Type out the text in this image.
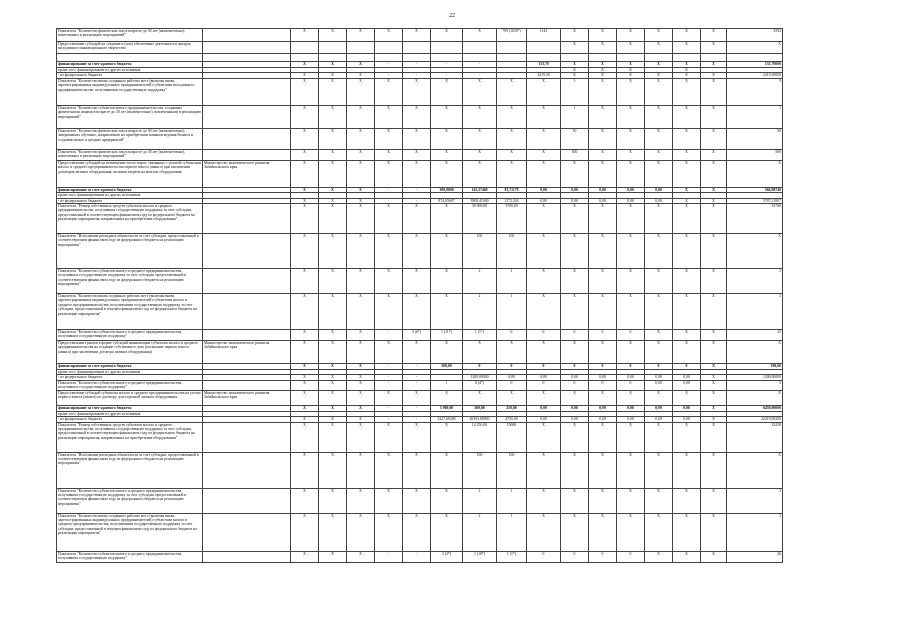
22
Показатель "Количество физических лиц в возрасте до 30 лет (включительно), вовлеченных в реализацию мероприятий"		X	X	X	X	X	X	X	799 (1650*)	1143	X	X	X	X	X	X	3592
Предоставление субсидий на создание и (или) обеспечение деятельности центров молодежного инновационного творчества											X	X	X	X	X	X	X

финансирование за счет краевого бюджета		X	X	X	-	-	-	-		133,70	X	X	X	X	X	X	133,70000
кроме того, финансирование из других источников											X	X	X		X		
- из федерального бюджета		X	X	X	-	-	-	-		2419,30	X	X	X	X	X	X	2419,30000
Показатель "Количество вновь созданных рабочих мест (включая вновь зарегистрированных индивидуальных предпринимателей) субъектами молодежного предпринимательства, получившими государственную поддержку"		X	X	X	X	X	X	X	X	X	3	X	X	X	X	X	3
Показатель "Количество субъектов малого предпринимательства, созданных физическими лицами в возрасте до 30 лет (включительно), вовлеченными в реализацию мероприятий"		X	X	X	X	X	X	X	X	X	1	X	X	X	X	X	1
Показатель "Количество физических лиц в возрасте до 30 лет (включительно), завершивших обучение, направленное на приобретение навыков ведения бизнеса и создания малых и средних предприятий"		X	X	X	X	X	X	X	X	X	50	X	X	X	X	X	50
Показатель "Количество физических лиц в возрасте до 30 лет (включительно), вовлеченных в реализацию мероприятий"		X	X	X	X	X	X	X	X	X	500	X	X	X	X	X	500
Предоставление субсидий на возмещение части затрат, связанных с уплатой субъектами малого и среднего предпринимательства первого взноса (аванса) при заключении договоров лизинга оборудования, включая затраты на монтаж оборудования	Министерство экономического развития Забайкальского края	X	X	X	X	X	X	X	X	X	X	X	X	X	X	X	X
финансирование за счет краевого бюджета		X	X	X	-	-	300,0000	145,27469	81,71179	0,00	0,00	0,00	0,00	0,00	X	X	566,98748
кроме того, финансирование из других источников																	
- из федерального бюджета		X	X	X	-	-	874,05607	3908,41900	1172,543	0,00	0,00	0,00	0,00	0,00	X	X	5787,21807
Показатель "Размер собственных средств субъектов малого и среднего предпринимательства, получивших государственную поддержку за счет субсидии, предоставленной в соответствующем финансовом году из федерального бюджета на реализацию мероприятия, направленных на приобретение оборудования"		X	X	X	X	X	X	30 000,00	5700,00	X	X	X	X	X	X	X	35700
Показатель "Исполнение расходных обязательств за счет субсидии, предоставленной в соответствующем финансовом году из федерального бюджета на реализацию мероприятия"		X	X	X	X	X	X	100	100	X	X	X	X	X	X	X	X
Показатель "Количество субъектов малого и среднего предпринимательства, получивших государственную поддержку за счет субсидии, предоставленной в соответствующем финансовом году из федерального бюджета на реализацию мероприятия"		X	X	X	X	X	X	2	1	X	X	X	X	X	X	X	3
Показатель "Количество вновь созданных рабочих мест (включая вновь зарегистрированных индивидуальных предпринимателей) субъектами малого и среднего предпринимательства, получившими государственную поддержку за счет субсидии, предоставленной в текущем финансовом году из федерального бюджета на реализацию мероприятия"		X	X	X	X	X	X	2	1	X	X	X	X	X	X	X	3
Показатель "Количество субъектов малого и среднего предпринимательства, получивших государственную поддержку"		X	X	X	-	3 (6*)	1 (11*)	1 (1*)	0	0	0	0	0	X	X	X	23
Предоставление грантов в форме субсидий начинающим субъектам малого и среднего предпринимательства на создание собственного дела (погашение первого взноса (аванса) при заключении договора лизинга оборудования)	Министерство экономического развития Забайкальского края	X	X	X	X	X	X	X	X	X	X	X	X	X	X	X	X
финансирование за счет краевого бюджета		X	X	X	-	-	300,00	0	0	0	0	0	0	0	0	X	300,00
кроме того, финансирование из других источников																	
- из федерального бюджета		X	X	X	-	-		1200,00000	0,00	0,00	0,00	0,00	0,00	0,00	0,00	X	1200,00000
Показатель "Количество субъектов малого и среднего предпринимательства, получивших государственную поддержку"		X	X	X	-	-	1	0 (4*)	0	0	0	0	0	0,00	0,00	X	5
Предоставление субсидий субъектам малого и среднего предпринимательства на уплату первого взноса (аванса) по договору долгосрочной лизинга оборудования	Министерство экономического развития Забайкальского края	X	X	X	X	X	X	X	X	X	X	X	X	X	X	X	X
финансирование за счет краевого бюджета		X	X	X	-	-	5 900,00	300,00	250,00	0,00	0,00	0,00	0,00	0,00	0,00	X	6450,00000
кроме того, финансирование из других источников																	
- из федерального бюджета		X	X	X	-	-	2227,69280	26593,80000	4750,00	0,00	0,00	0,00	0,00	0,00	0,00	X	42219,99280
Показатель "Размер собственных средств субъектов малого и среднего предпринимательства, получивших государственную поддержку за счет субсидии, предоставленной в соответствующем финансовом году из федерального бюджета на реализацию мероприятия, направленных на приобретение оборудования"		X	X	X	X	X	X	14 250,00	19000	X	X	X	X	X	X	X	33250
Показатель "Исполнение расходных обязательств за счет субсидии, предоставленной в соответствующем финансовом году из федерального бюджета на реализацию мероприятия"		X	X	X	X	X	X	100	100	X	X	X	X	X	X	X	X
Показатель "Количество субъектов малого и среднего предпринимательства, получивших государственную поддержку за счет субсидии, предоставленной в соответствующем финансовом году из федерального бюджета на реализацию мероприятия"		X	X	X	X	X	X	2	1	X	X	X	X	X	X	X	3
Показатель "Количество вновь созданных рабочих мест (включая вновь зарегистрированных индивидуальных предпринимателей) субъектами малого и среднего предпринимательства, получившими государственную поддержку за счет субсидии, предоставленной в текущем финансовом году из федерального бюджета на реализацию мероприятия"		X	X	X	X	X	X	2	1	X	X	X	X	X	X	X	3
Показатель "Количество субъектов малого и среднего предпринимательства, получивших государственную поддержку"		X	X	X	-	-	3 (2*)	1 (18*)	1 (1*)	0	0	0	0	X	X	X	26
